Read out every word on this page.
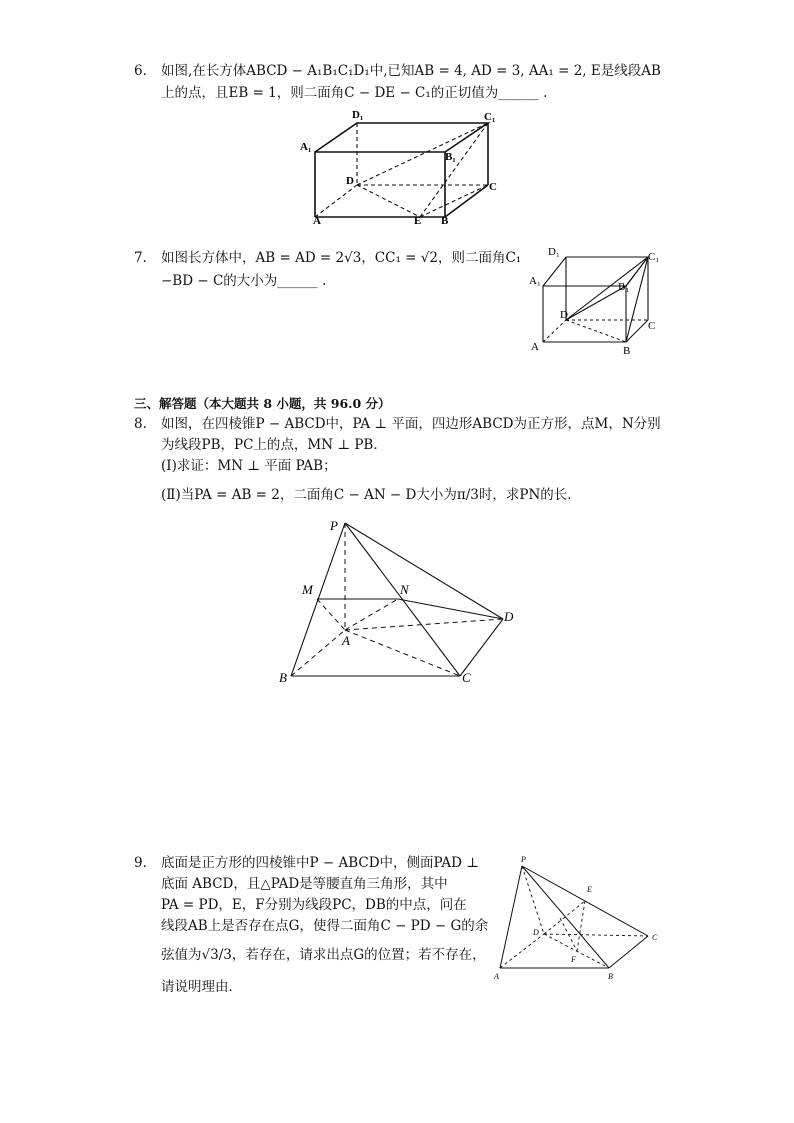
6. 如图,在长方体ABCD − A₁B₁C₁D₁中,已知AB = 4, AD = 3, AA₁ = 2, E是线段AB
上的点，且EB = 1，则二面角C − DE − C₁的正切值为______ .
A	B
C
D
E
A₁
B₁
C₁
D₁
7. 如图长方体中，AB = AD = 2√3，CC₁ = √2，则二面角C₁
−BD − C的大小为______ .
A	B
C
D
A₁	B₁
C₁
D₁
三、解答题（本大题共 8 小题，共 96.0 分）
8. 如图，在四棱锥P − ABCD中，PA ⊥ 平面，四边形ABCD为正方形，点M，N分别
为线段PB，PC上的点，MN ⊥ PB．
(Ⅰ)求证：MN ⊥ 平面 PAB；
(Ⅱ)当PA = AB = 2，二面角C − AN − D大小为π/3时，求PN的长．
P
M	N
A
B	C
D
9. 底面是正方形的四棱锥中P − ABCD中，侧面PAD ⊥
底面 ABCD，且△PAD是等腰直角三角形，其中
PA = PD，E，F分别为线段PC，DB的中点，问在
线段AB上是否存在点G，使得二面角C − PD − G的余
弦值为√3/3，若存在，请求出点G的位置；若不存在，
请说明理由．
P
E
D
C
F
A	B
